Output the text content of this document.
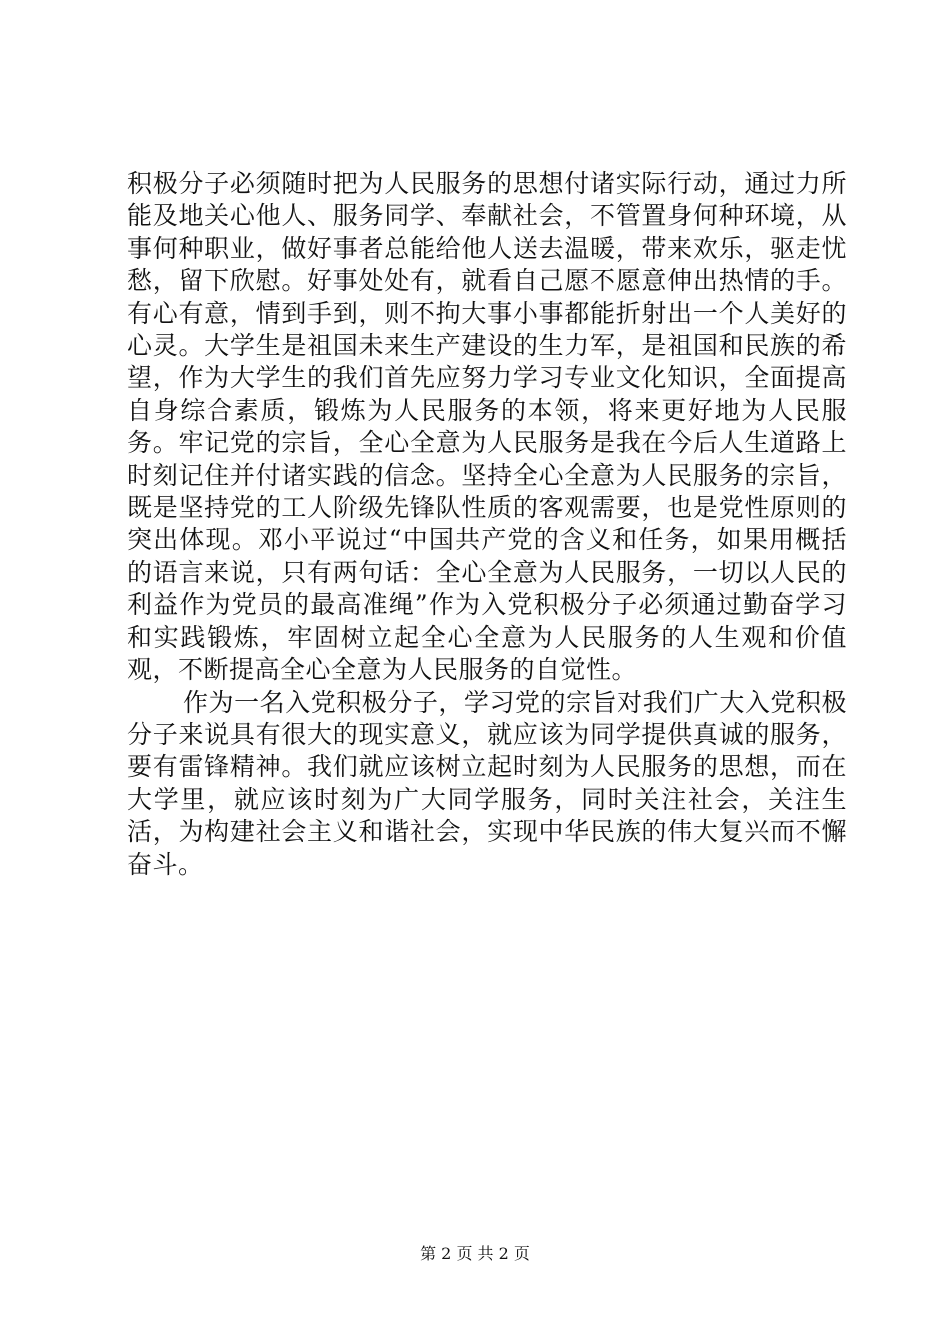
积极分子必须随时把为人民服务的思想付诸实际行动，通过力所能及地关心他人、服务同学、奉献社会，不管置身何种环境，从事何种职业，做好事者总能给他人送去温暖，带来欢乐，驱走忧愁，留下欣慰。好事处处有，就看自己愿不愿意伸出热情的手。有心有意，情到手到，则不拘大事小事都能折射出一个人美好的心灵。大学生是祖国未来生产建设的生力军，是祖国和民族的希望，作为大学生的我们首先应努力学习专业文化知识，全面提高自身综合素质，锻炼为人民服务的本领，将来更好地为人民服务。牢记党的宗旨，全心全意为人民服务是我在今后人生道路上时刻记住并付诸实践的信念。坚持全心全意为人民服务的宗旨，既是坚持党的工人阶级先锋队性质的客观需要，也是党性原则的突出体现。邓小平说过“中国共产党的含义和任务，如果用概括的语言来说，只有两句话：全心全意为人民服务，一切以人民的利益作为党员的最高准绳”作为入党积极分子必须通过勤奋学习和实践锻炼，牢固树立起全心全意为人民服务的人生观和价值观，不断提高全心全意为人民服务的自觉性。

作为一名入党积极分子，学习党的宗旨对我们广大入党积极分子来说具有很大的现实意义，就应该为同学提供真诚的服务，要有雷锋精神。我们就应该树立起时刻为人民服务的思想，而在大学里，就应该时刻为广大同学服务，同时关注社会，关注生活，为构建社会主义和谐社会，实现中华民族的伟大复兴而不懈奋斗。

第 2 页 共 2 页
